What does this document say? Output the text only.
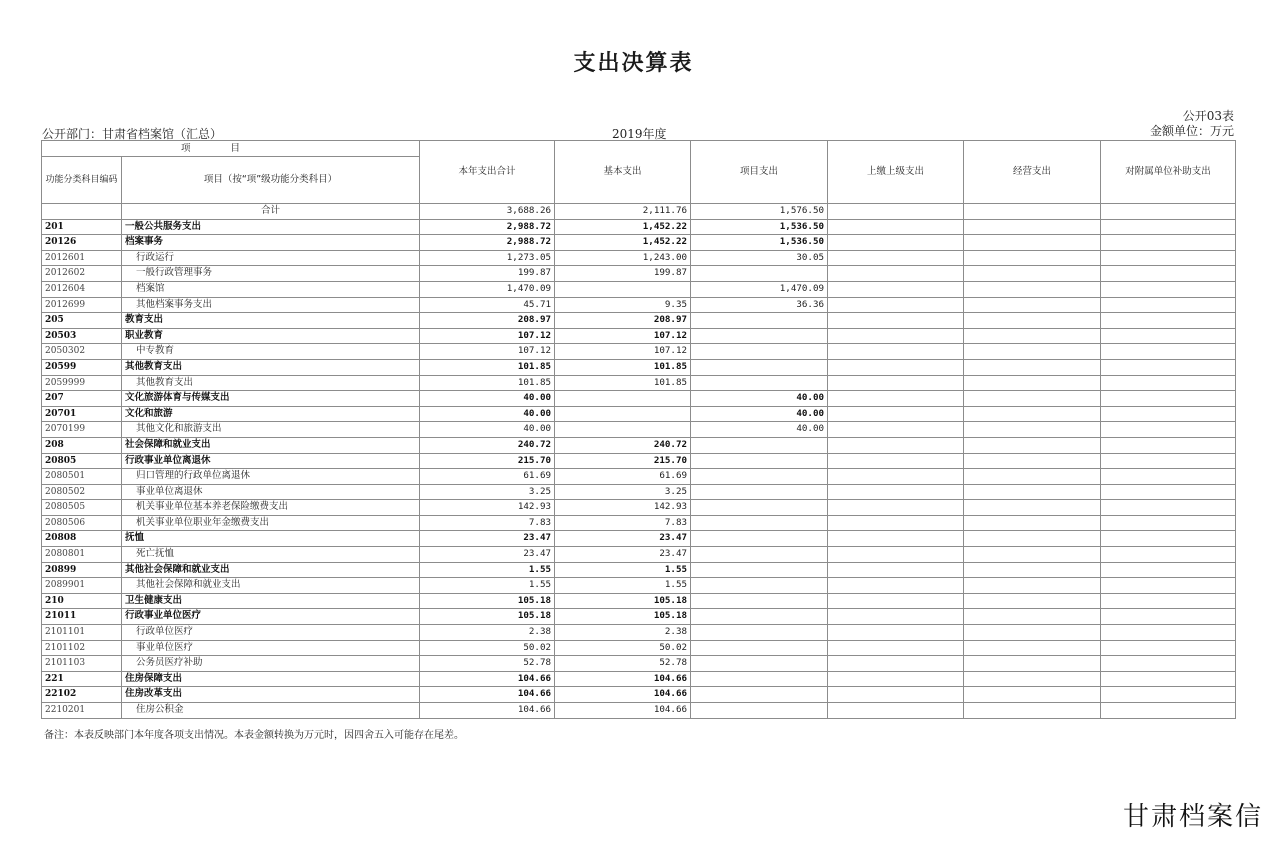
支出决算表
公开03表
公开部门：甘肃省档案馆（汇总）	2019年度	金额单位：万元
项目		本年支出合计	基本支出	项目支出	上缴上级支出	经营支出	对附属单位补助支出
功能分类科目编码	项目（按“项”级功能分类科目）						
	合计	3,688.26	2,111.76	1,576.50			
201	一般公共服务支出	2,988.72	1,452.22	1,536.50			
20126	档案事务	2,988.72	1,452.22	1,536.50			
2012601	行政运行	1,273.05	1,243.00	30.05			
2012602	一般行政管理事务	199.87	199.87				
2012604	档案馆	1,470.09		1,470.09			
2012699	其他档案事务支出	45.71	9.35	36.36			
205	教育支出	208.97	208.97				
20503	职业教育	107.12	107.12				
2050302	中专教育	107.12	107.12				
20599	其他教育支出	101.85	101.85				
2059999	其他教育支出	101.85	101.85				
207	文化旅游体育与传媒支出	40.00		40.00			
20701	文化和旅游	40.00		40.00			
2070199	其他文化和旅游支出	40.00		40.00			
208	社会保障和就业支出	240.72	240.72				
20805	行政事业单位离退休	215.70	215.70				
2080501	归口管理的行政单位离退休	61.69	61.69				
2080502	事业单位离退休	3.25	3.25				
2080505	机关事业单位基本养老保险缴费支出	142.93	142.93				
2080506	机关事业单位职业年金缴费支出	7.83	7.83				
20808	抚恤	23.47	23.47				
2080801	死亡抚恤	23.47	23.47				
20899	其他社会保障和就业支出	1.55	1.55				
2089901	其他社会保障和就业支出	1.55	1.55				
210	卫生健康支出	105.18	105.18				
21011	行政事业单位医疗	105.18	105.18				
2101101	行政单位医疗	2.38	2.38				
2101102	事业单位医疗	50.02	50.02				
2101103	公务员医疗补助	52.78	52.78				
221	住房保障支出	104.66	104.66				
22102	住房改革支出	104.66	104.66				
2210201	住房公积金	104.66	104.66				
备注：本表反映部门本年度各项支出情况。本表金额转换为万元时，因四舍五入可能存在尾差。
甘肃档案信
